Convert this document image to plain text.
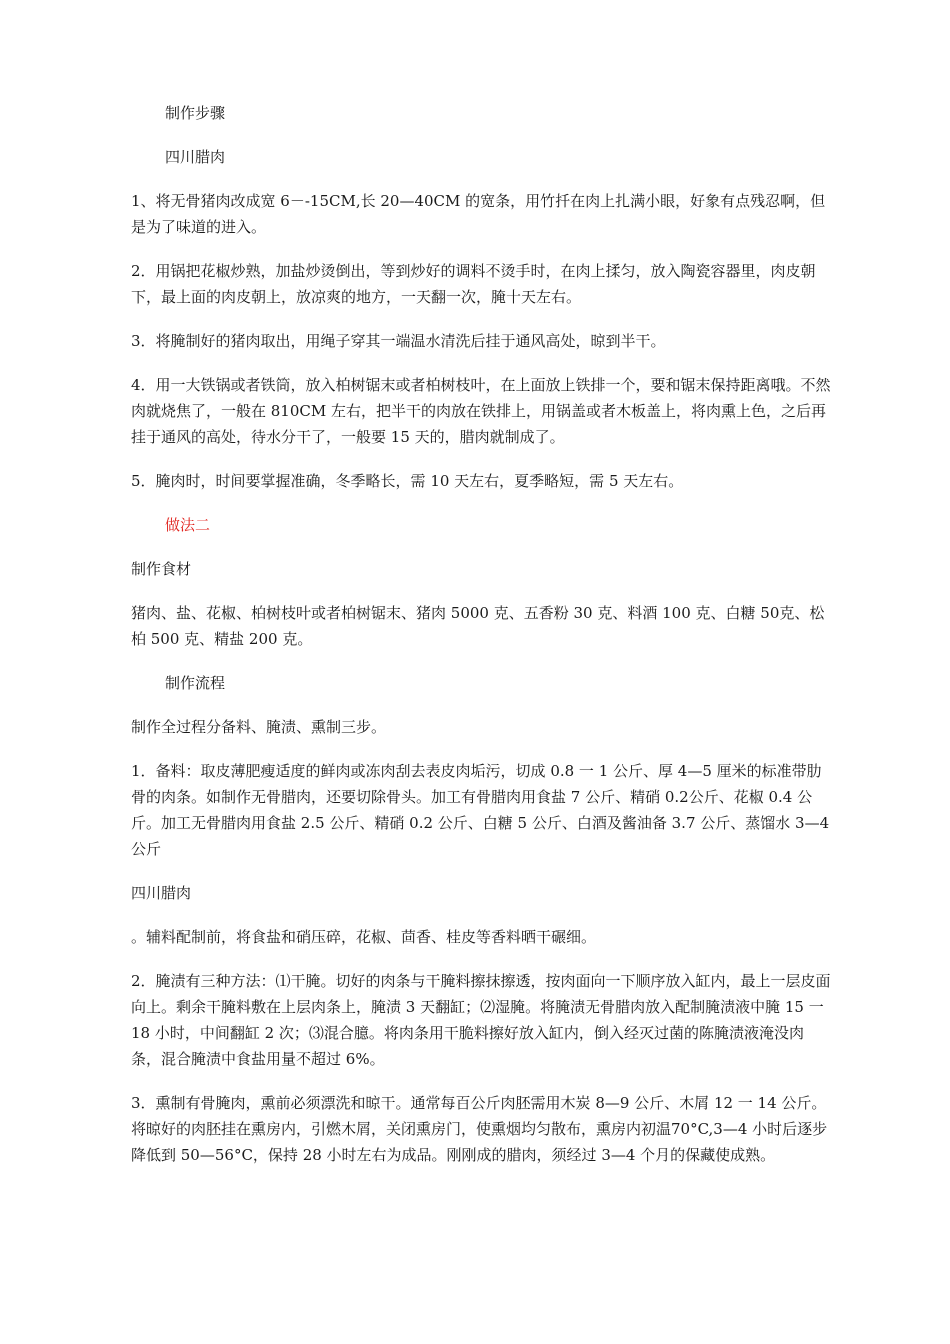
制作步骤

四川腊肉

1、将无骨猪肉改成宽 6－-15CM,长 20—40CM 的宽条，用竹扦在肉上扎满小眼，好象有点残忍啊，但是为了味道的进入。

2．用锅把花椒炒熟，加盐炒烫倒出，等到炒好的调料不烫手时，在肉上揉匀，放入陶瓷容器里，肉皮朝下，最上面的肉皮朝上，放凉爽的地方，一天翻一次，腌十天左右。

3．将腌制好的猪肉取出，用绳子穿其一端温水清洗后挂于通风高处，晾到半干。

4．用一大铁锅或者铁筒，放入柏树锯末或者柏树枝叶，在上面放上铁排一个，要和锯末保持距离哦。不然肉就烧焦了，一般在 810CM 左右，把半干的肉放在铁排上，用锅盖或者木板盖上，将肉熏上色，之后再挂于通风的高处，待水分干了，一般要 15 天的，腊肉就制成了。

5．腌肉时，时间要掌握准确，冬季略长，需 10 天左右，夏季略短，需 5 天左右。

做法二

制作食材

猪肉、盐、花椒、柏树枝叶或者柏树锯末、猪肉 5000 克、五香粉 30 克、料酒 100 克、白糖 50克、松柏 500 克、精盐 200 克。

制作流程

制作全过程分备料、腌渍、熏制三步。

1．备料：取皮薄肥瘦适度的鲜肉或冻肉刮去表皮肉垢污，切成 0.8 一 1 公斤、厚 4—5 厘米的标准带肋骨的肉条。如制作无骨腊肉，还要切除骨头。加工有骨腊肉用食盐 7 公斤、精硝 0.2公斤、花椒 0.4 公斤。加工无骨腊肉用食盐 2.5 公斤、精硝 0.2 公斤、白糖 5 公斤、白酒及酱油备 3.7 公斤、蒸馏水 3—4 公斤

四川腊肉

。辅料配制前，将食盐和硝压碎，花椒、茴香、桂皮等香料晒干碾细。

2．腌渍有三种方法：⑴干腌。切好的肉条与干腌料擦抹擦透，按肉面向一下顺序放入缸内，最上一层皮面向上。剩余干腌料敷在上层肉条上，腌渍 3 天翻缸；⑵湿腌。将腌渍无骨腊肉放入配制腌渍液中腌 15 一 18 小时，中间翻缸 2 次；⑶混合臆。将肉条用干脆料擦好放入缸内，倒入经灭过菌的陈腌渍液淹没肉条，混合腌渍中食盐用量不超过 6%。

3．熏制有骨腌肉，熏前必须漂洗和晾干。通常每百公斤肉胚需用木炭 8—9 公斤、木屑 12 一 14 公斤。将晾好的肉胚挂在熏房内，引燃木屑，关闭熏房门，使熏烟均匀散布，熏房内初温70°C,3—4 小时后逐步降低到 50—56°C，保持 28 小时左右为成品。刚刚成的腊肉，须经过 3—4 个月的保藏使成熟。
